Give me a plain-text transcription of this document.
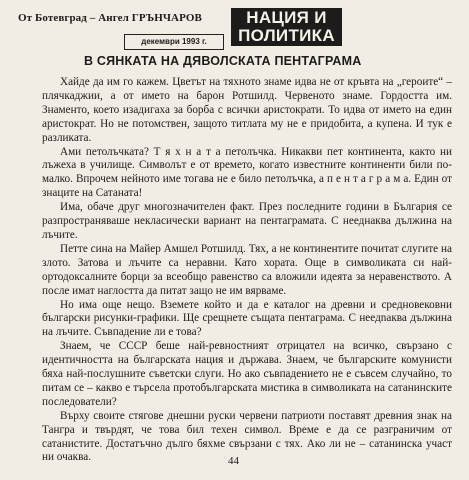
От Ботевград – Ангел ГРЪНЧАРОВ
декември 1993 г.
НАЦИЯ И
ПОЛИТИКА
В СЯНКАТА НА ДЯВОЛСКАТА ПЕНТАГРАМА

Хайде да им го кажем. Цветът на тяхното знаме идва не от кръвта на „героите“ – плячкаджии, а от името на барон Ротшилд. Червеното знаме. Гордостта им. Знаменто, което изадигаха за борба с всички аристократи. То идва от името на един аристократ. Но не потомствен, защото титлата му не е придобита, а купена. И тук е разликата.

Ами петолъчката? Т я х н а т а петолъчка. Никакви пет континента, както ни лъжеха в училище. Символът е от времето, когато известните континенти били по-малко. Впрочем нейното име тогава не е било петолъчка, а п е н т а г р а м а. Един от знаците на Сатаната!

Има, обаче друг многозначителен факт. През последните години в България се разпространяваше некласически вариант на пентаграмата. С нееднаква дължина на лъчите.

Петте сина на Майер Амшел Ротшилд. Тях, а не континентите почитат слугите на злото. Затова и лъчите са неравни. Като хората. Още в символиката си най-ортодоксалните борци за всеобщо равенство са вложили идеята за неравенството. А после имат наглостта да питат защо не им вярваме.

Но има още нещо. Вземете който и да е каталог на древни и средновековни български рисунки-графики. Ще срещнете същата пентаграма. С неедnaква дължина на лъчите. Съвпадение ли е това?

Знаем, че СССР беше най-ревностният отрицател на всичко, свързано с идентичността на българската нация и държава. Знаем, че българските комунисти бяха най-послушните съветски слуги. Но ако съвпадението не е съвсем случайно, то питам се – какво е търсела протобългарската мистика в символиката на сатанинските последователи?

Върху своите стягове днешни руски червени патриоти поставят древния знак на Тангра и твърдят, че това бил техен символ. Време е да се разграничим от сатанистите. Достатъчно дълго бяхме свързани с тях. Ако ли не – сатанинска участ ни очаква.	44
